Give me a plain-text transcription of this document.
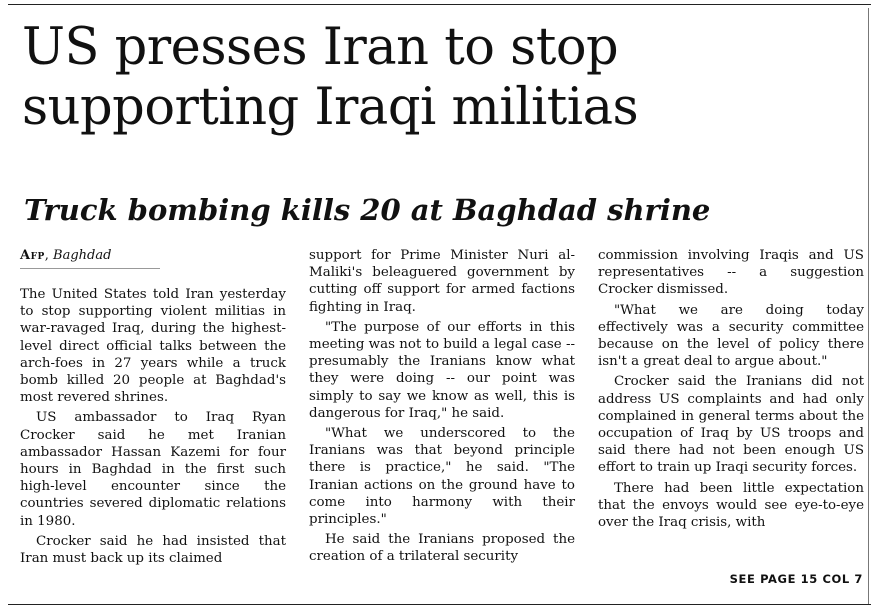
US presses Iran to stop supporting Iraqi militias
Truck bombing kills 20 at Baghdad shrine
Afp, Baghdad

The United States told Iran yesterday to stop supporting violent militias in war-ravaged Iraq, during the highest-level direct official talks between the arch-foes in 27 years while a truck bomb killed 20 people at Baghdad's most revered shrines.

US ambassador to Iraq Ryan Crocker said he met Iranian ambassador Hassan Kazemi for four hours in Baghdad in the first such high-level encounter since the countries severed diplomatic relations in 1980.

Crocker said he had insisted that Iran must back up its claimed

support for Prime Minister Nuri al-Maliki's beleaguered government by cutting off support for armed factions fighting in Iraq.

"The purpose of our efforts in this meeting was not to build a legal case -- presumably the Iranians know what they were doing -- our point was simply to say we know as well, this is dangerous for Iraq," he said.

"What we underscored to the Iranians was that beyond principle there is practice," he said. "The Iranian actions on the ground have to come into harmony with their principles."

He said the Iranians proposed the creation of a trilateral security

commission involving Iraqis and US representatives -- a suggestion Crocker dismissed.

"What we are doing today effectively was a security committee because on the level of policy there isn't a great deal to argue about."

Crocker said the Iranians did not address US complaints and had only complained in general terms about the occupation of Iraq by US troops and said there had not been enough US effort to train up Iraqi security forces.

There had been little expectation that the envoys would see eye-to-eye over the Iraq crisis, with

SEE PAGE 15 COL 7
